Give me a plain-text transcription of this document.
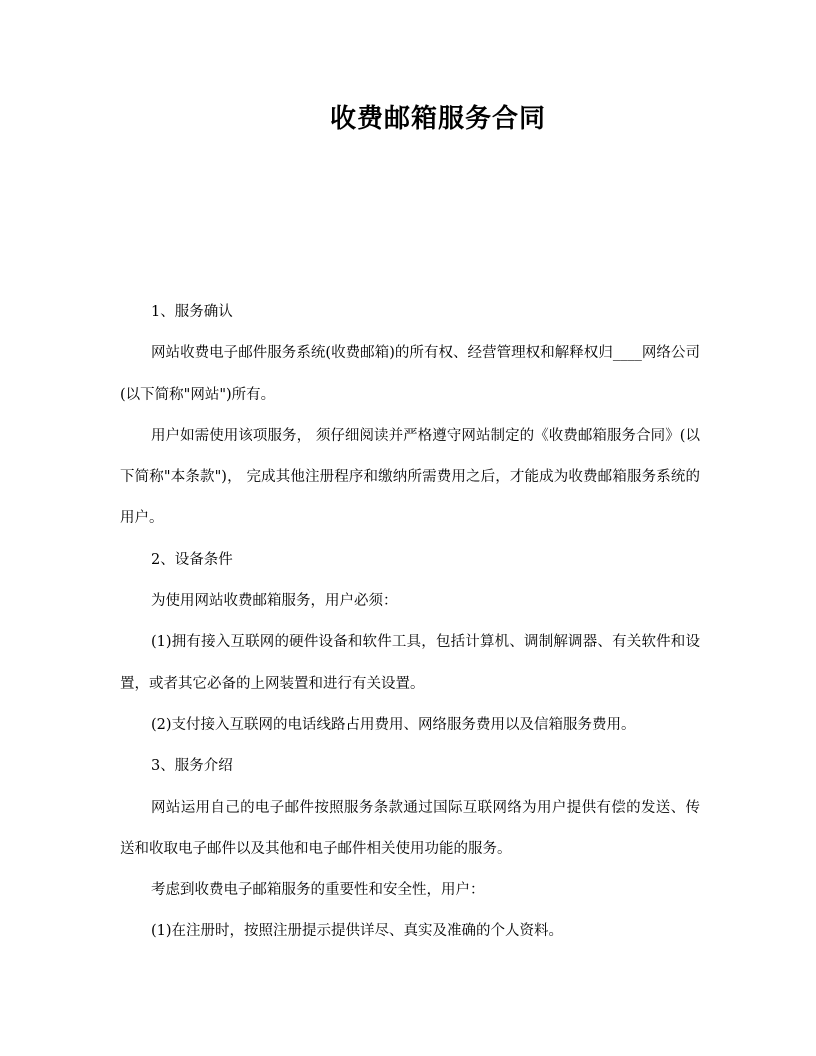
收费邮箱服务合同

1、服务确认

网站收费电子邮件服务系统(收费邮箱)的所有权、经营管理权和解释权归____网络公司(以下简称"网站")所有。

用户如需使用该项服务， 须仔细阅读并严格遵守网站制定的《收费邮箱服务合同》(以下简称"本条款")， 完成其他注册程序和缴纳所需费用之后，才能成为收费邮箱服务系统的用户。

2、设备条件

为使用网站收费邮箱服务，用户必须：

(1)拥有接入互联网的硬件设备和软件工具，包括计算机、调制解调器、有关软件和设置，或者其它必备的上网装置和进行有关设置。

(2)支付接入互联网的电话线路占用费用、网络服务费用以及信箱服务费用。

3、服务介绍

网站运用自己的电子邮件按照服务条款通过国际互联网络为用户提供有偿的发送、传送和收取电子邮件以及其他和电子邮件相关使用功能的服务。

考虑到收费电子邮箱服务的重要性和安全性，用户：

(1)在注册时，按照注册提示提供详尽、真实及准确的个人资料。
